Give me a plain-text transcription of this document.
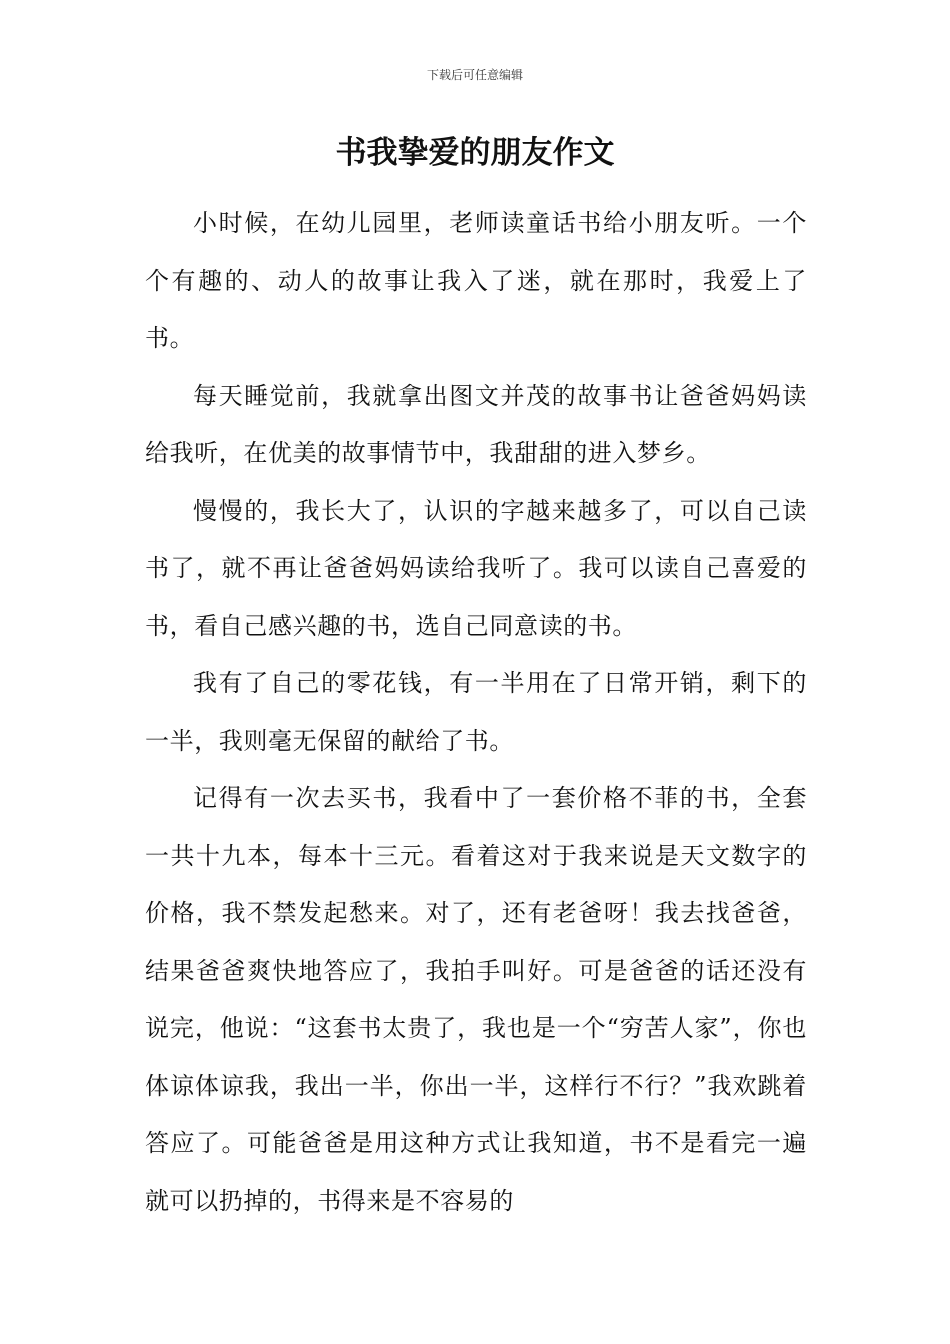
下载后可任意编辑
书我挚爱的朋友作文

小时候，在幼儿园里，老师读童话书给小朋友听。一个个有趣的、动人的故事让我入了迷，就在那时，我爱上了书。

每天睡觉前，我就拿出图文并茂的故事书让爸爸妈妈读给我听，在优美的故事情节中，我甜甜的进入梦乡。

慢慢的，我长大了，认识的字越来越多了，可以自己读书了，就不再让爸爸妈妈读给我听了。我可以读自己喜爱的书，看自己感兴趣的书，选自己同意读的书。

我有了自己的零花钱，有一半用在了日常开销，剩下的一半，我则毫无保留的献给了书。

记得有一次去买书，我看中了一套价格不菲的书，全套一共十九本，每本十三元。看着这对于我来说是天文数字的价格，我不禁发起愁来。对了，还有老爸呀！我去找爸爸，结果爸爸爽快地答应了，我拍手叫好。可是爸爸的话还没有说完，他说：“这套书太贵了，我也是一个“穷苦人家”，你也体谅体谅我，我出一半，你出一半，这样行不行？”我欢跳着答应了。可能爸爸是用这种方式让我知道，书不是看完一遍就可以扔掉的，书得来是不容易的
